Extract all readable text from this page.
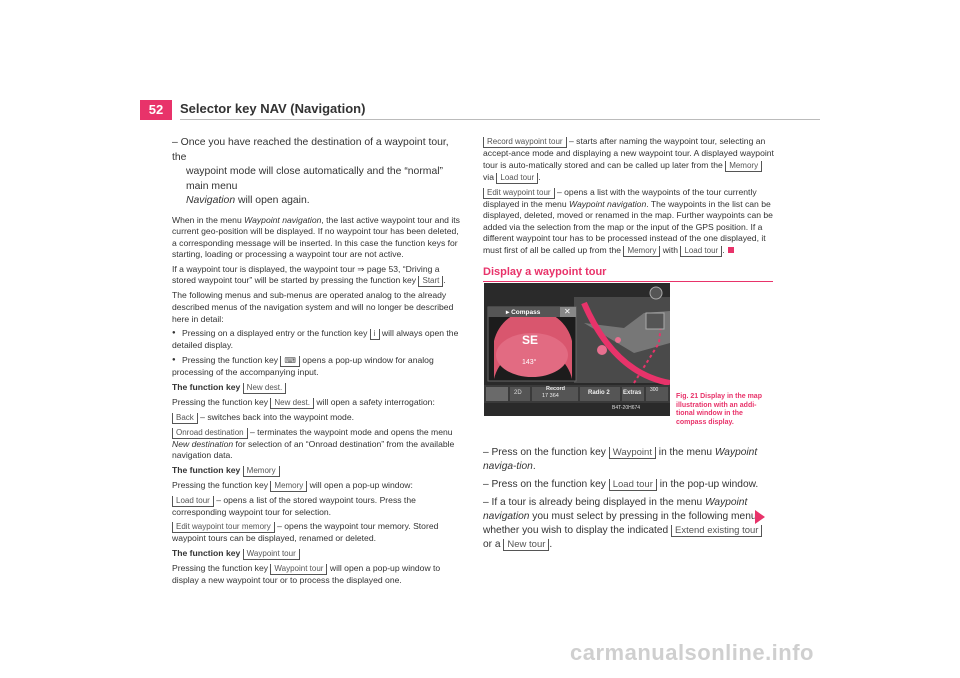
52	Selector key NAV (Navigation)
– Once you have reached the destination of a waypoint tour, the
waypoint mode will close automatically and the “normal” main menu
Navigation will open again.

When in the menu Waypoint navigation, the last active waypoint tour and its current geo-position will be displayed. If no waypoint tour has been deleted, a corresponding message will be inserted. In this case the function keys for starting, loading or processing a waypoint tour are not active.

If a waypoint tour is displayed, the waypoint tour ⇒ page 53, “Driving a stored waypoint tour” will be started by pressing the function key Start .

The following menus and sub-menus are operated analog to the already described menus of the navigation system and will no longer be described here in detail:

● Pressing on a displayed entry or the function key i will always open the detailed display.

● Pressing the function key ⌨ opens a pop-up window for analog processing of the accompanying input.

The function key New dest.

Pressing the function key New dest. will open a safety interrogation:

Back – switches back into the waypoint mode.

Onroad destination – terminates the waypoint mode and opens the menu New destination for selection of an “Onroad destination” from the available navigation data.

The function key Memory

Pressing the function key Memory will open a pop-up window:

Load tour – opens a list of the stored waypoint tours. Press the corresponding waypoint tour for selection.

Edit waypoint tour memory – opens the waypoint tour memory. Stored waypoint tours can be displayed, renamed or deleted.

The function key Waypoint tour

Pressing the function key Waypoint tour will open a pop-up window to display a new waypoint tour or to process the displayed one.

Record waypoint tour – starts after naming the waypoint tour, selecting an accept-ance mode and displaying a new waypoint tour. A displayed waypoint tour is auto-matically stored and can be called up later from the Memory via Load tour .

Edit waypoint tour – opens a list with the waypoints of the tour currently displayed in the menu Waypoint navigation. The waypoints in the list can be displayed, deleted, moved or renamed in the map. Further waypoints can be added via the selection from the map or the input of the GPS position. If a different waypoint tour has to be processed instead of the one displayed, it must first of all be called up from the Memory with Load tour .

Display a waypoint tour
▸ Compass	✕
SE
143°
2D
Record
17 364	Radio 2 Extras 300
B4T-20H674
Fig. 21 Display in the map illustration with an addi-tional window in the compass display.

– Press on the function key Waypoint in the menu Waypoint naviga-tion.

– Press on the function key Load tour in the pop-up window.

– If a tour is already being displayed in the menu Waypoint navigation you must select by pressing in the following menu whether you wish to display the indicated Extend existing tour or a New tour .

carmanualsonline.info
